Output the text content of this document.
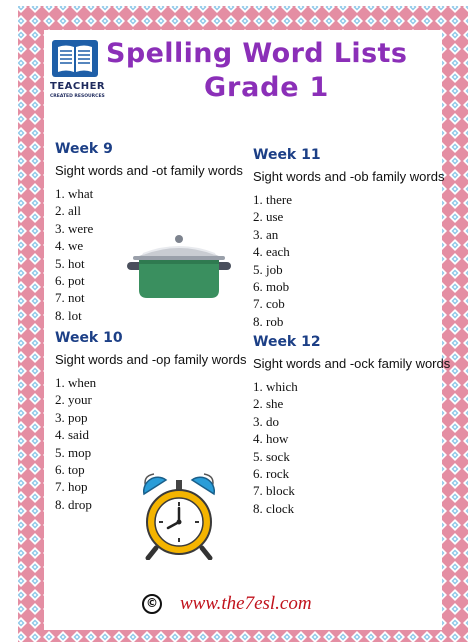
TEACHER
CREATED RESOURCES
Spelling Word Lists
Grade 1
Week 9
Sight words and -ot family words
1. what
2. all
3. were
4. we
5. hot
6. pot
7. not
8. lot
Week 11
Sight words and -ob family words
1. there
2. use
3. an
4. each
5. job
6. mob
7. cob
8. rob
Week 10
Sight words and -op family words
1. when
2. your
3. pop
4. said
5. mop
6. top
7. hop
8. drop
Week 12
Sight words and -ock family words
1. which
2. she
3. do
4. how
5. sock
6. rock
7. block
8. clock
© www.the7esl.com
